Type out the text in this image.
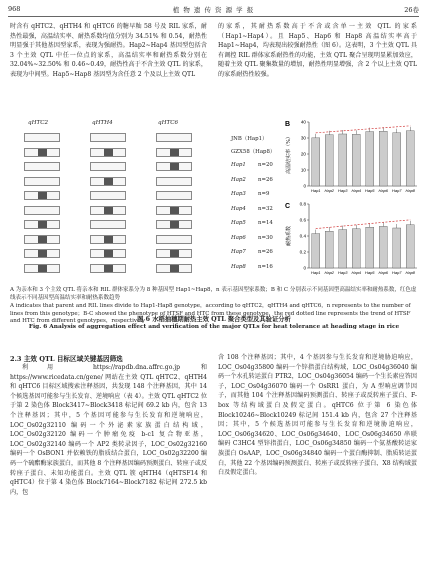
968	植 物 遗 传 资 源 学 报	26卷

时含有 qHTC2、qHTH4 和 qHTC6 的糖早籼 58 号及 RIL 家系，耐热性最强，高温结实率、耐热系数均值分别为 34.51% 和 0.54，耐热性明显强于其他基因型家系，表现为强耐热。Hap2~Hap4 基因型包括含 3 个主效 QTL 中任一位点的家系，高温结实率和耐热系数分别在 32.04%~32.50% 和 0.46~0.49，耐热性高于不含主效 QTL 的家系，表现为中间型。Hap5~Hap8 基因型为含任意 2 个及以上主效 QTL

的家系，其耐热系数高于不含或含单一主效 QTL 的家系（Hap1~Hap4）。且 Hap5、Hap6 和 Hap8 高温结实率高于 Hap1~Hap4，均表现出较强耐热性（图 6）。这表明，3 个主效 QTL 具有调控 RIL 群体家系耐热性的功能，主效 QTL 聚合呈现明显累加效应，随着主效 QTL 聚集数量的增加，耐热性明显增强，含 2 个以上主效 QTL 的家系耐热性较强。

qHTC2	qHTH4	qHTC6
JNB（Hap1）
GZX58（Hap8）
Hap1 n=20
Hap2 n=26
Hap3 n=9
Hap4 n=32
Hap5 n=14
Hap6 n=30
Hap7 n=26
Hap8 n=16
B
高温结实率（%）
0
10
20
30
40
Hap1 Hap2 Hap3 Hap4 Hap5 Hap6 Hap7 Hap8
C
耐热系数
0
0.2
0.4
0.6
0.8
Hap1 Hap2 Hap3 Hap4 Hap5 Hap6 Hap7 Hap8
A 为亲本和 3 个主效 QTL 将亲本和 RIL 群体家系分为 8 种基因型 Hap1~Hap8，n 表示基因型家系数；B 和 C 分别表示不同基因型高温结实率和耐热系数，红色虚线表示不同基因型高温结实率和耐热系数趋势
A indicates that parent and RIL lines divide to Hap1-Hap8 genotype，according to qHTC2，qHTH4 and qHTC6，n represents to the number of lines from this genotype；B-C showed the phenotype of HTSF and HTC from these genotype，the red dotted line represents the trend of HTSF and HTC from different genotypes，respectively
图 6 水稻抽穗期耐热主效 QTL 聚合类型及其验证分析
Fig. 6 Analysis of aggregation effect and verification of the major QTLs for heat tolerance at heading stage in rice
2.3 主效 QTL 目标区域关键基因筛选

利用 https://rapdb.dna.affrc.go.jp 和 https://www.ricedata.cn/gene/ 网站在主效 QTL qHTC2、qHTH4 和 qHTC6 目标区域搜索注释基因，共发现 148 个注释基因，其中 14 个候选基因可能参与生长发育、逆境响应（表 4）。主效 QTL qHTC2 位于第 2 染色体 Block3417~Block3418 标记间 69.2 kb 内，包含 13 个注释基因；其中，5 个基因可能参与生长发育和逆境响应，LOC_Os02g32110 编码一个外泌素家族蛋白结构域，LOC_Os02g32120 编码一个肿瘤免疫 b-c1 复合物亚基，LOC_Os02g32140 编码一个 AP2 类转录因子，LOC_Os02g32160 编码一个 OsBON1 并依赖铁的脂质结合蛋白，LOC_Os02g32200 编码一个硫酯酶家族蛋白，而其他 8 个注释基因编码预测蛋白、转座子或反转座子蛋白、未知功能蛋白。主效 QTL 簇 qHTH4（qHTSF14 和 qHTC4）位于第 4 染色体 Block7164~Block7182 标记间 272.5 kb 内，包

含 108 个注释基因；其中，4 个基因参与生长发育和逆境胁迫响应，LOC_Os04g35800 编码一个锌指蛋白结构域，LOC_Os04g36040 编码一个水孔转运蛋白 PTR2，LOC_Os04g36054 编码一个生长素应答因子，LOC_Os04g36070 编码一个 OsRR1 蛋白，为 A 型响应调节因子，而其他 104 个注释基因编码预测蛋白、转座子或反转座子蛋白、F-box 等结构域蛋白及假定蛋白。qHTC6 位于第 6 染色体 Block10246~Block10249 标记间 151.4 kb 内，包含 27 个注释基因；其中，5 个候选基因可能参与生长发育和逆境胁迫响应，LOC_Os06g34620、LOC_Os06g34640、LOC_Os06g34650 串联编码 C3HC4 型锌指蛋白，LOC_Os06g34850 编码一个氨基酸转运家族蛋白 OsAAP，LOC_Os06g34840 编码一个蛋白酶抑制、脂质转运蛋白，其他 22 个基因编码预测蛋白、转座子或反转座子蛋白、X8 结构域蛋白及假定蛋白。
